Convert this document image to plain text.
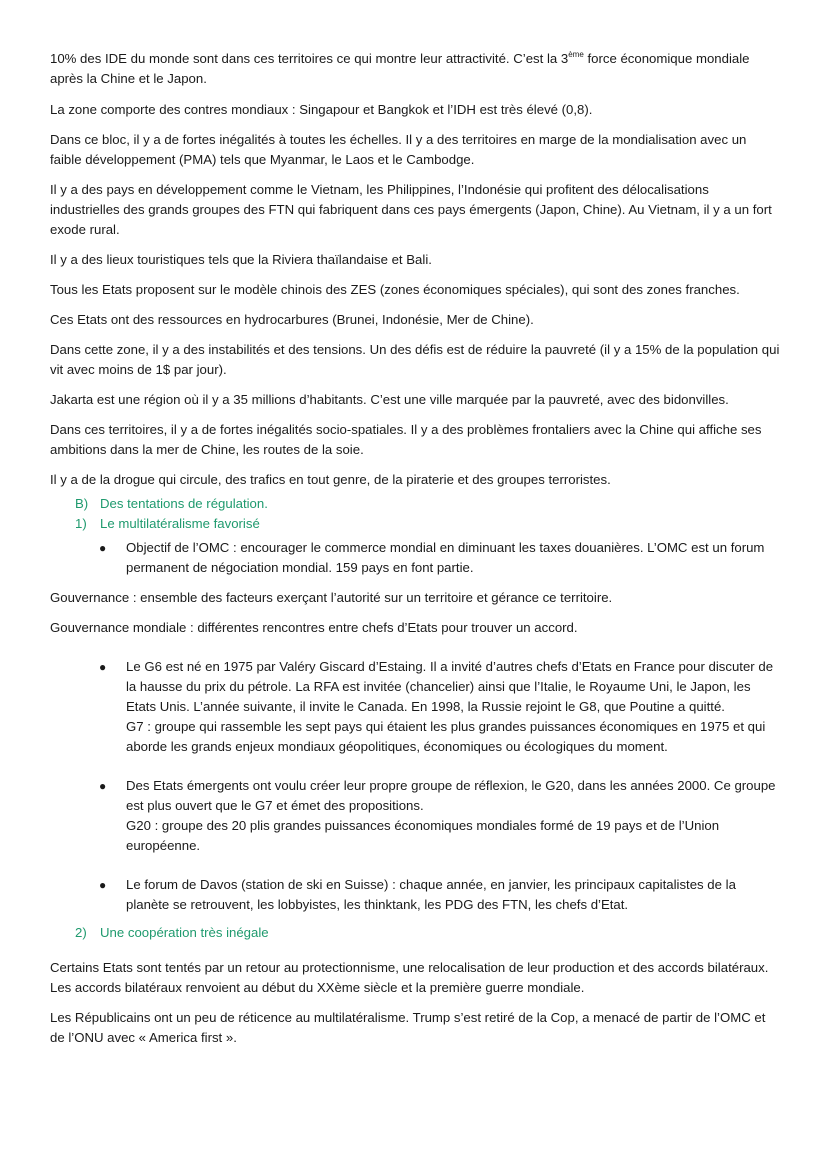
10% des IDE du monde sont dans ces territoires ce qui montre leur attractivité. C’est la 3ème force économique mondiale après la Chine et le Japon.

La zone comporte des contres mondiaux : Singapour et Bangkok et l’IDH est très élevé (0,8).

Dans ce bloc, il y a de fortes inégalités à toutes les échelles. Il y a des territoires en marge de la mondialisation avec un faible développement (PMA) tels que Myanmar, le Laos et le Cambodge.

Il y a des pays en développement comme le Vietnam, les Philippines, l’Indonésie qui profitent des délocalisations industrielles des grands groupes des FTN qui fabriquent dans ces pays émergents (Japon, Chine). Au Vietnam, il y a un fort exode rural.

Il y a des lieux touristiques tels que la Riviera thaïlandaise et Bali.

Tous les Etats proposent sur le modèle chinois des ZES (zones économiques spéciales), qui sont des zones franches.

Ces Etats ont des ressources en hydrocarbures (Brunei, Indonésie, Mer de Chine).

Dans cette zone, il y a des instabilités et des tensions. Un des défis est de réduire la pauvreté (il y a 15% de la population qui vit avec moins de 1$ par jour).

Jakarta est une région où il y a 35 millions d’habitants. C’est une ville marquée par la pauvreté, avec des bidonvilles.

Dans ces territoires, il y a de fortes inégalités socio-spatiales. Il y a des problèmes frontaliers avec la Chine qui affiche ses ambitions dans la mer de Chine, les routes de la soie.

Il y a de la drogue qui circule, des trafics en tout genre, de la piraterie et des groupes terroristes.

B) Des tentations de régulation.
1) Le multilatéralisme favorisé
● Objectif de l’OMC : encourager le commerce mondial en diminuant les taxes douanières. L’OMC est un forum permanent de négociation mondial. 159 pays en font partie.

Gouvernance : ensemble des facteurs exerçant l’autorité sur un territoire et gérance ce territoire.

Gouvernance mondiale : différentes rencontres entre chefs d’Etats pour trouver un accord.

● Le G6 est né en 1975 par Valéry Giscard d’Estaing. Il a invité d’autres chefs d’Etats en France pour discuter de la hausse du prix du pétrole. La RFA est invitée (chancelier) ainsi que l’Italie, le Royaume Uni, le Japon, les Etats Unis. L’année suivante, il invite le Canada. En 1998, la Russie rejoint le G8, que Poutine a quitté.
G7 : groupe qui rassemble les sept pays qui étaient les plus grandes puissances économiques en 1975 et qui aborde les grands enjeux mondiaux géopolitiques, économiques ou écologiques du moment.
● Des Etats émergents ont voulu créer leur propre groupe de réflexion, le G20, dans les années 2000. Ce groupe est plus ouvert que le G7 et émet des propositions.
G20 : groupe des 20 plis grandes puissances économiques mondiales formé de 19 pays et de l’Union européenne.
● Le forum de Davos (station de ski en Suisse) : chaque année, en janvier, les principaux capitalistes de la planète se retrouvent, les lobbyistes, les thinktank, les PDG des FTN, les chefs d’Etat.
2) Une coopération très inégale

Certains Etats sont tentés par un retour au protectionnisme, une relocalisation de leur production et des accords bilatéraux. Les accords bilatéraux renvoient au début du XXème siècle et la première guerre mondiale.

Les Républicains ont un peu de réticence au multilatéralisme. Trump s’est retiré de la Cop, a menacé de partir de l’OMC et de l’ONU avec « America first ».
